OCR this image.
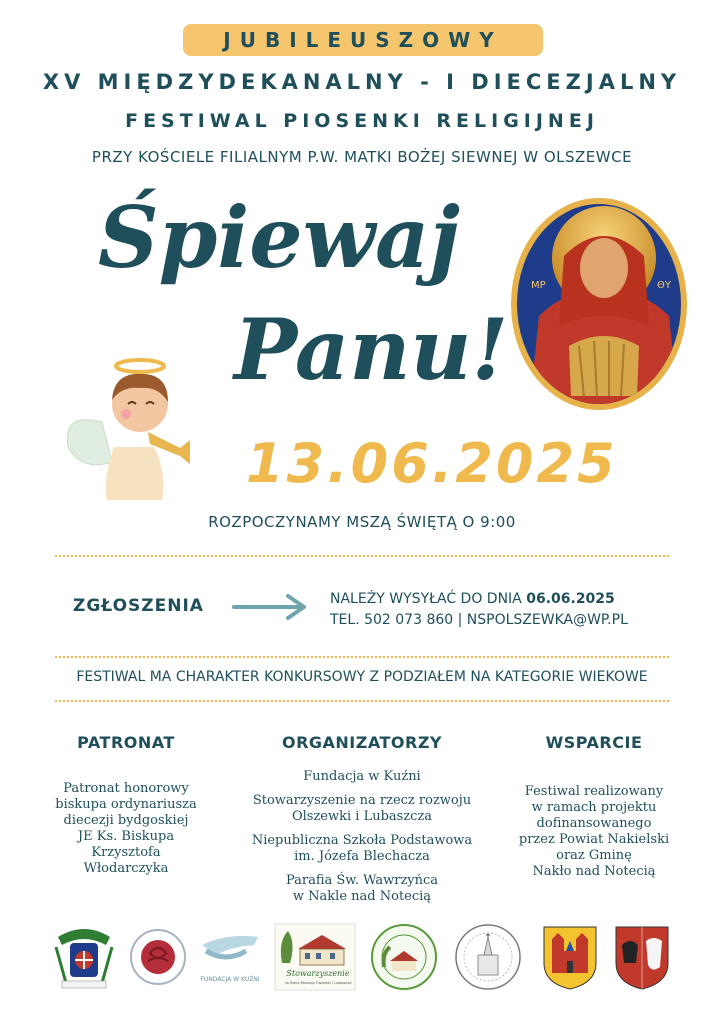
JUBILEUSZOWY
XV MIĘDZYDEKANALNY - I DIECEZJALNY
FESTIWAL PIOSENKI RELIGIJNEJ
PRZY KOŚCIELE FILIALNYM P.W. MATKI BOŻEJ SIEWNEJ W OLSZEWCE
Śpiewaj
Panu!
MP	ΘΥ
13.06.2025
ROZPOCZYNAMY MSZĄ ŚWIĘTĄ O 9:00
ZGŁOSZENIA	NALEŻY WYSYŁAĆ DO DNIA 06.06.2025
TEL. 502 073 860 | NSPOLSZEWKA@WP.PL
FESTIWAL MA CHARAKTER KONKURSOWY Z PODZIAŁEM NA KATEGORIE WIEKOWE
PATRONAT
Patronat honorowy
biskupa ordynariusza
diecezji bydgoskiej
JE Ks. Biskupa
Krzysztofa
Włodarczyka
ORGANIZATORZY
Fundacja w Kuźni
Stowarzyszenie na rzecz rozwoju
Olszewki i Lubaszcza
Niepubliczna Szkoła Podstawowa
im. Józefa Blechacza
Parafia Św. Wawrzyńca
w Nakle nad Notecią
WSPARCIE
Festiwal realizowany
w ramach projektu
dofinansowanego
przez Powiat Nakielski
oraz Gminę
Nakło nad Notecią
FUNDACJA W KUŹNI
Stowarzyszenie
na Rzecz Rozwoju Olszewki i Lubaszcza
